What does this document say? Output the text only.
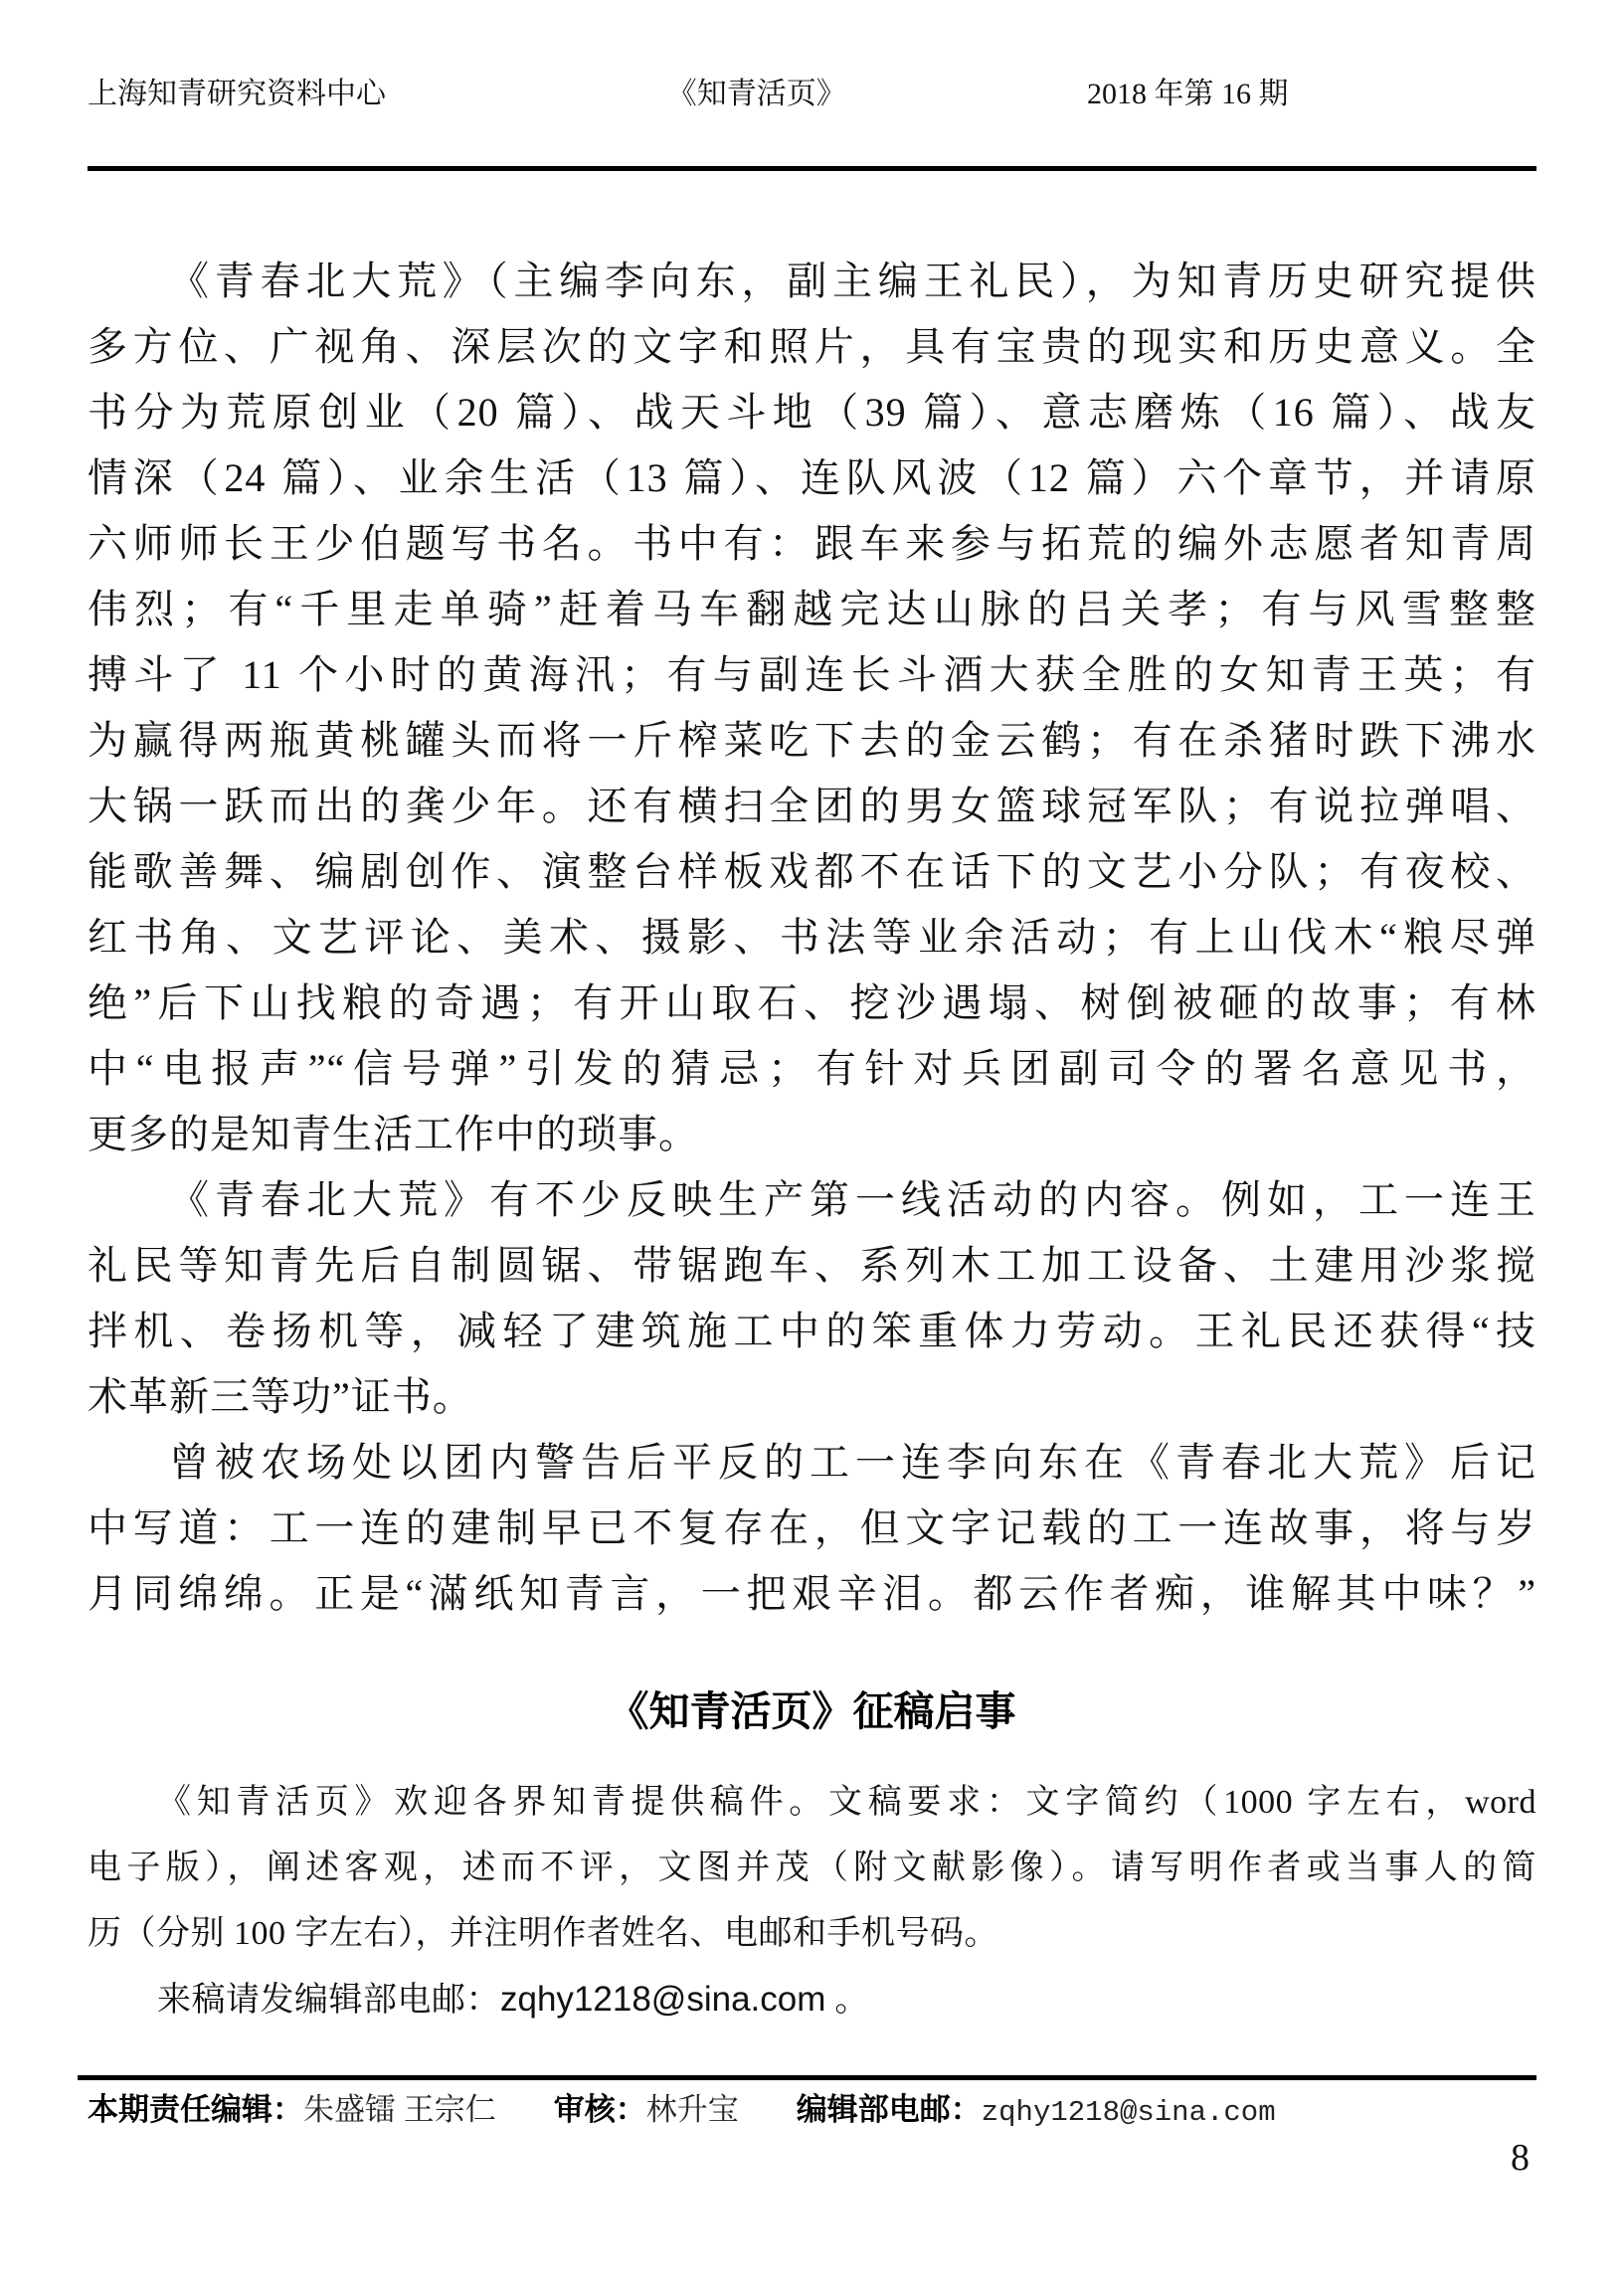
上海知青研究资料中心	《知青活页》	2018 年第 16 期
《青春北大荒》（主编李向东，副主编王礼民），为知青历史研究提供
多方位、广视角、深层次的文字和照片，具有宝贵的现实和历史意义。全
书分为荒原创业（20 篇）、战天斗地（39 篇）、意志磨炼（16 篇）、战友
情深（24 篇）、业余生活（13 篇）、连队风波（12 篇）六个章节，并请原
六师师长王少伯题写书名。书中有：跟车来参与拓荒的编外志愿者知青周
伟烈；有“千里走单骑”赶着马车翻越完达山脉的吕关孝；有与风雪整整
搏斗了 11 个小时的黄海汛；有与副连长斗酒大获全胜的女知青王英；有
为赢得两瓶黄桃罐头而将一斤榨菜吃下去的金云鹤；有在杀猪时跌下沸水
大锅一跃而出的龚少年。还有横扫全团的男女篮球冠军队；有说拉弹唱、
能歌善舞、编剧创作、演整台样板戏都不在话下的文艺小分队；有夜校、
红书角、文艺评论、美术、摄影、书法等业余活动；有上山伐木“粮尽弹
绝”后下山找粮的奇遇；有开山取石、挖沙遇塌、树倒被砸的故事；有林
中“电报声”“信号弹”引发的猜忌；有针对兵团副司令的署名意见书，
更多的是知青生活工作中的琐事。
《青春北大荒》有不少反映生产第一线活动的内容。例如，工一连王
礼民等知青先后自制圆锯、带锯跑车、系列木工加工设备、土建用沙浆搅
拌机、卷扬机等，减轻了建筑施工中的笨重体力劳动。王礼民还获得“技
术革新三等功”证书。
曾被农场处以团内警告后平反的工一连李向东在《青春北大荒》后记
中写道：工一连的建制早已不复存在，但文字记载的工一连故事，将与岁
月同绵绵。正是“滿纸知青言，一把艰辛泪。都云作者痴，谁解其中味？”
《知青活页》征稿启事
《知青活页》欢迎各界知青提供稿件。文稿要求：文字简约（1000 字左右，word
电子版），阐述客观，述而不评，文图并茂（附文献影像）。请写明作者或当事人的简
历（分别 100 字左右），并注明作者姓名、电邮和手机号码。
来稿请发编辑部电邮：zqhy1218@sina.com 。
本期责任编辑：朱盛镭 王宗仁 审核：林升宝 编辑部电邮：zqhy1218@sina.com
8
